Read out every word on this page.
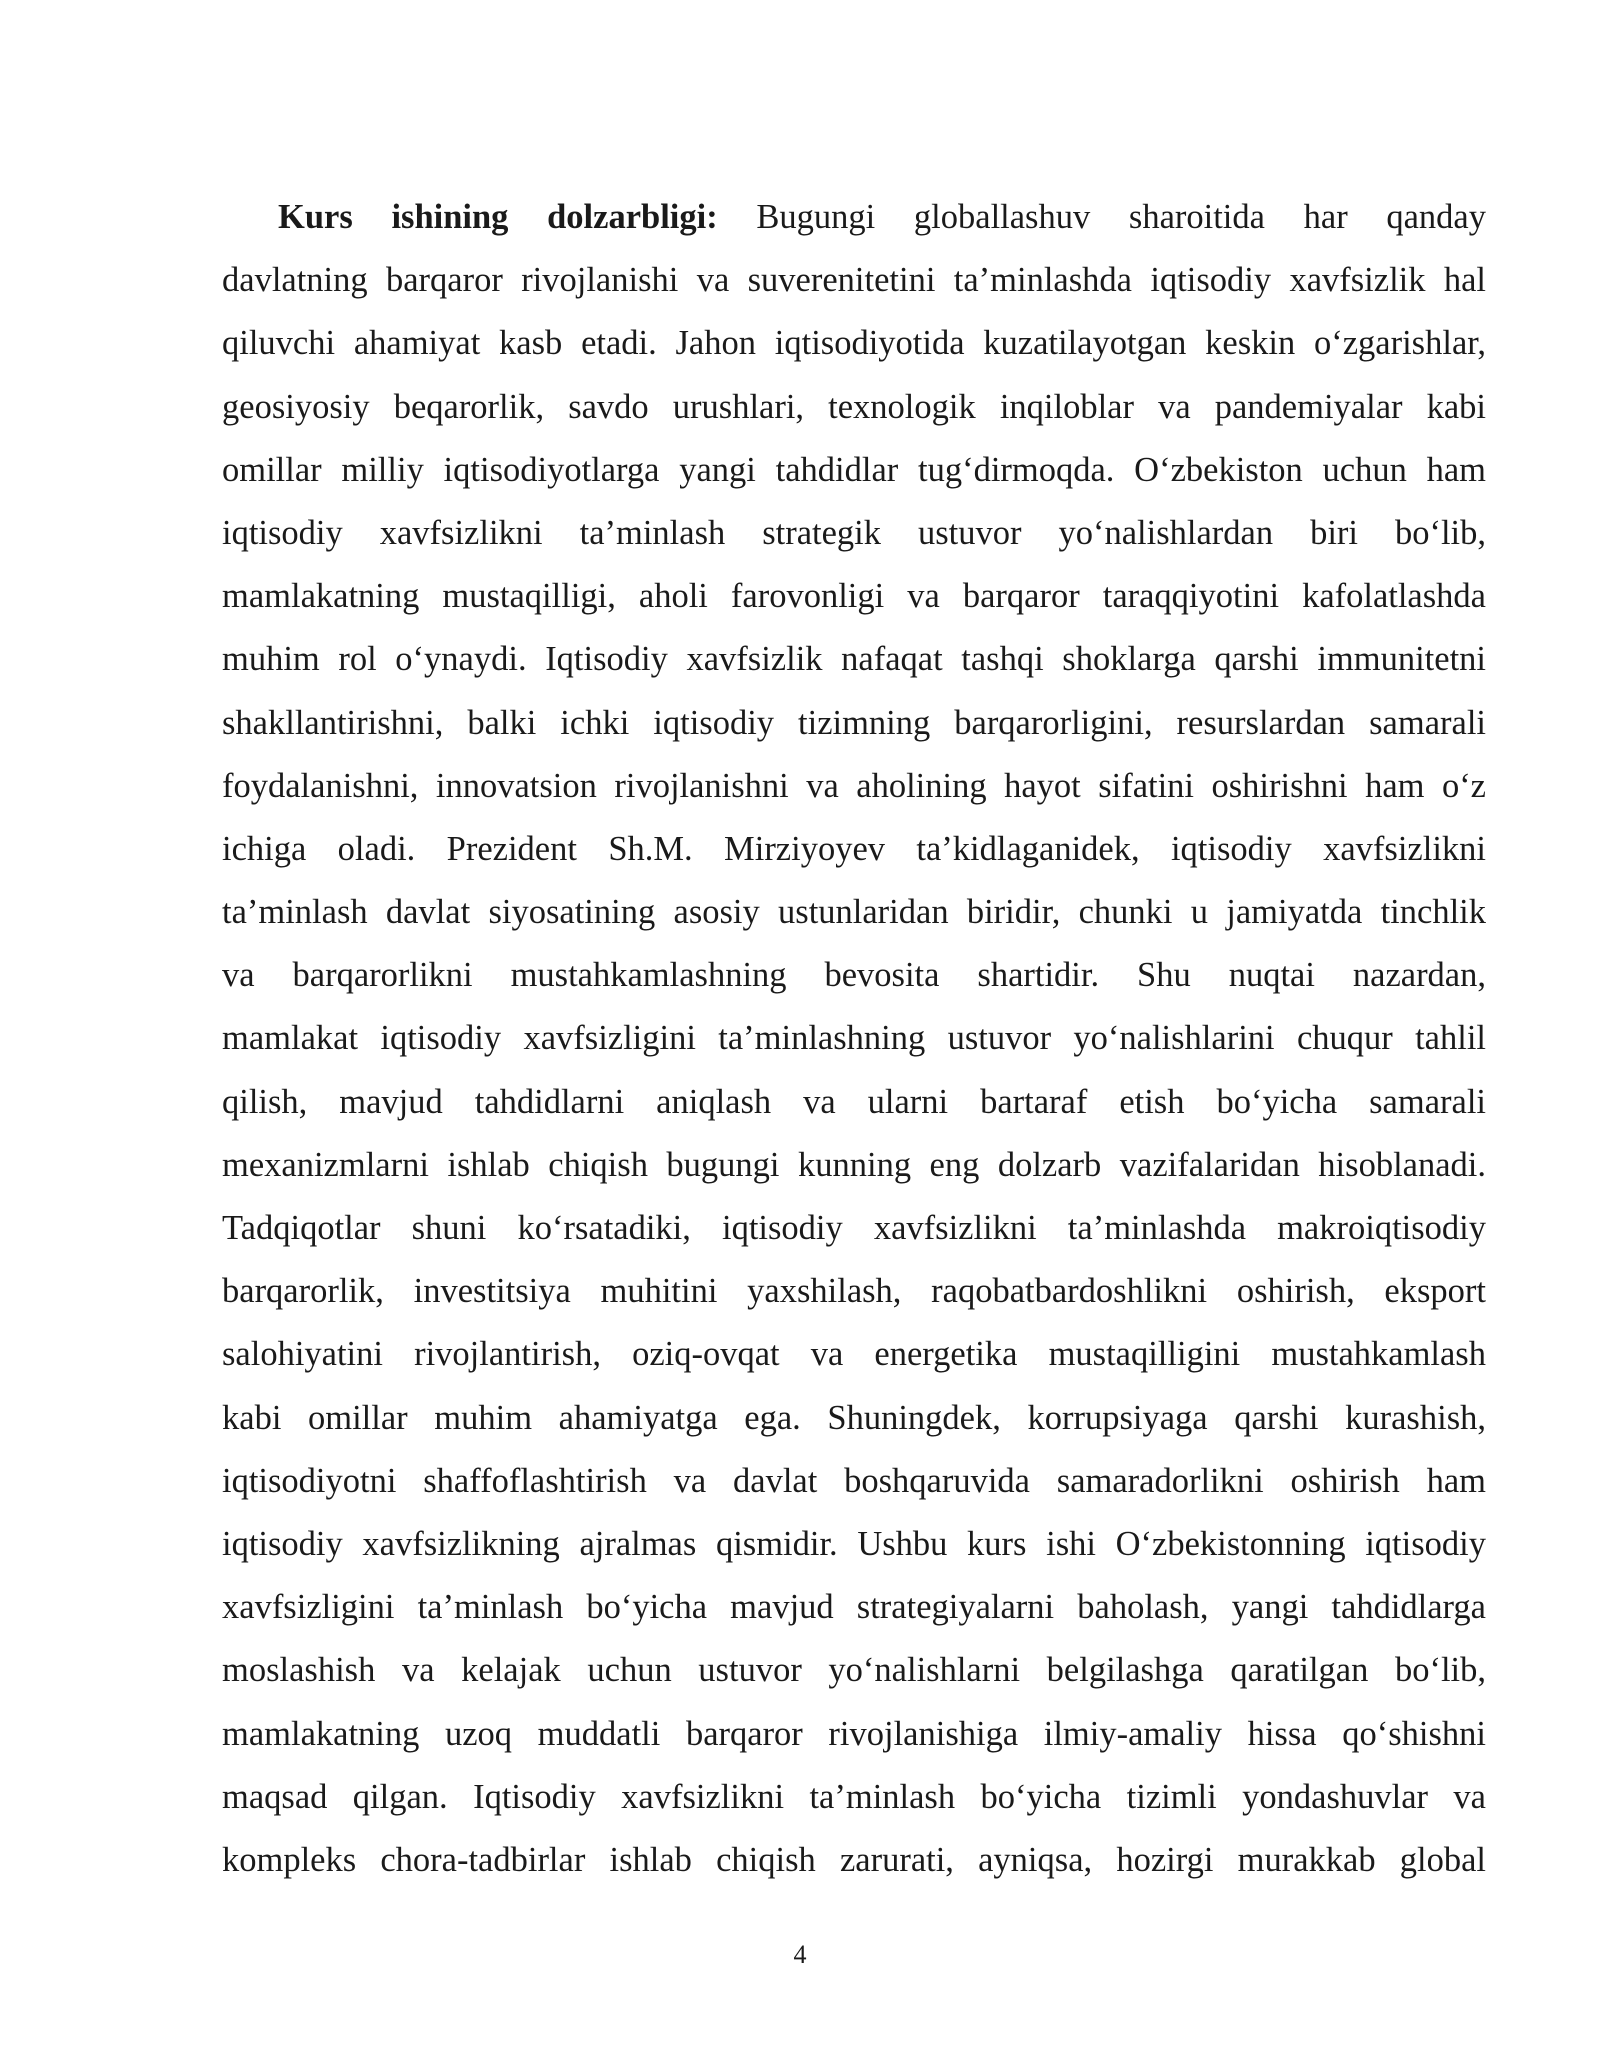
Kurs ishining dolzarbligi: Bugungi globallashuv sharoitida har qanday
davlatning barqaror rivojlanishi va suverenitetini ta’minlashda iqtisodiy xavfsizlik hal
qiluvchi ahamiyat kasb etadi. Jahon iqtisodiyotida kuzatilayotgan keskin o‘zgarishlar,
geosiyosiy beqarorlik, savdo urushlari, texnologik inqiloblar va pandemiyalar kabi
omillar milliy iqtisodiyotlarga yangi tahdidlar tug‘dirmoqda. O‘zbekiston uchun ham
iqtisodiy xavfsizlikni ta’minlash strategik ustuvor yo‘nalishlardan biri bo‘lib,
mamlakatning mustaqilligi, aholi farovonligi va barqaror taraqqiyotini kafolatlashda
muhim rol o‘ynaydi. Iqtisodiy xavfsizlik nafaqat tashqi shoklarga qarshi immunitetni
shakllantirishni, balki ichki iqtisodiy tizimning barqarorligini, resurslardan samarali
foydalanishni, innovatsion rivojlanishni va aholining hayot sifatini oshirishni ham o‘z
ichiga oladi. Prezident Sh.M. Mirziyoyev ta’kidlaganidek, iqtisodiy xavfsizlikni
ta’minlash davlat siyosatining asosiy ustunlaridan biridir, chunki u jamiyatda tinchlik
va barqarorlikni mustahkamlashning bevosita shartidir. Shu nuqtai nazardan,
mamlakat iqtisodiy xavfsizligini ta’minlashning ustuvor yo‘nalishlarini chuqur tahlil
qilish, mavjud tahdidlarni aniqlash va ularni bartaraf etish bo‘yicha samarali
mexanizmlarni ishlab chiqish bugungi kunning eng dolzarb vazifalaridan hisoblanadi.
Tadqiqotlar shuni ko‘rsatadiki, iqtisodiy xavfsizlikni ta’minlashda makroiqtisodiy
barqarorlik, investitsiya muhitini yaxshilash, raqobatbardoshlikni oshirish, eksport
salohiyatini rivojlantirish, oziq-ovqat va energetika mustaqilligini mustahkamlash
kabi omillar muhim ahamiyatga ega. Shuningdek, korrupsiyaga qarshi kurashish,
iqtisodiyotni shaffoflashtirish va davlat boshqaruvida samaradorlikni oshirish ham
iqtisodiy xavfsizlikning ajralmas qismidir. Ushbu kurs ishi O‘zbekistonning iqtisodiy
xavfsizligini ta’minlash bo‘yicha mavjud strategiyalarni baholash, yangi tahdidlarga
moslashish va kelajak uchun ustuvor yo‘nalishlarni belgilashga qaratilgan bo‘lib,
mamlakatning uzoq muddatli barqaror rivojlanishiga ilmiy-amaliy hissa qo‘shishni
maqsad qilgan. Iqtisodiy xavfsizlikni ta’minlash bo‘yicha tizimli yondashuvlar va
kompleks chora-tadbirlar ishlab chiqish zarurati, ayniqsa, hozirgi murakkab global
4
